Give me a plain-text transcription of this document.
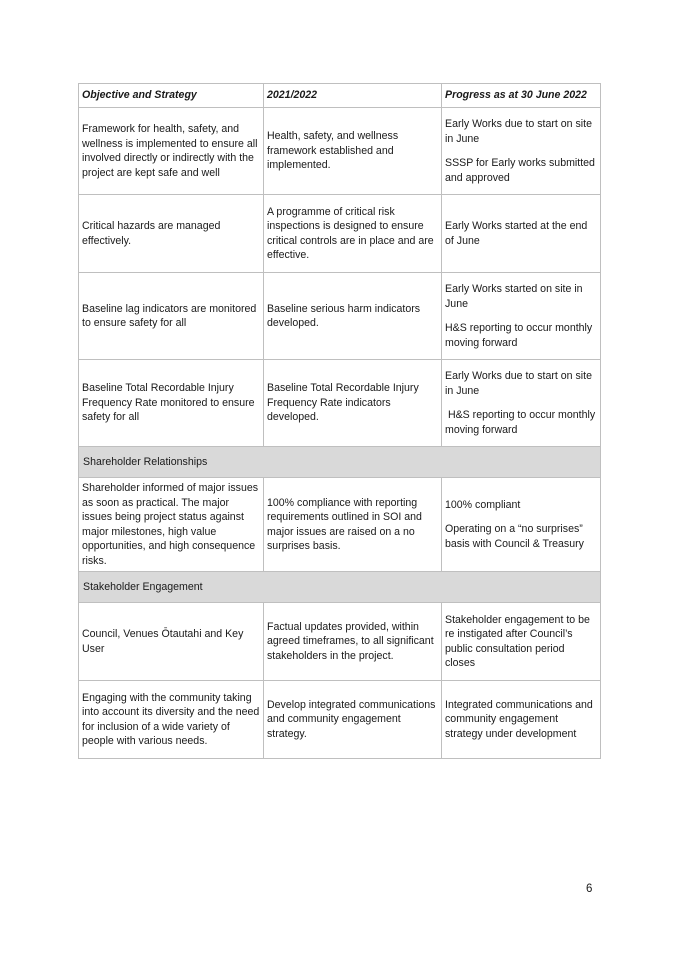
Objective and Strategy	2021/2022	Progress as at 30 June 2022
Framework for health, safety, and wellness is implemented to ensure all involved directly or indirectly with the project are kept safe and well	Health, safety, and wellness framework established and implemented.	Early Works due to start on site in June
SSSP for Early works submitted and approved

Critical hazards are managed effectively.	A programme of critical risk inspections is designed to ensure critical controls are in place and are effective.	Early Works started at the end of June

Baseline lag indicators are monitored to ensure safety for all	Baseline serious harm indicators developed.	Early Works started on site in June
H&S reporting to occur monthly moving forward

Baseline Total Recordable Injury Frequency Rate monitored to ensure safety for all	Baseline Total Recordable Injury Frequency Rate indicators developed.	Early Works due to start on site in June
H&S reporting to occur monthly moving forward

Shareholder Relationships		
Shareholder informed of major issues as soon as practical. The major issues being project status against major milestones, high value opportunities, and high consequence risks.	100% compliance with reporting requirements outlined in SOI and major issues are raised on a no surprises basis.	100% compliant
Operating on a “no surprises” basis with Council & Treasury

Stakeholder Engagement		
Council, Venues Ōtautahi and Key User	Factual updates provided, within agreed timeframes, to all significant stakeholders in the project.	Stakeholder engagement to be re instigated after Council’s public consultation period closes

Engaging with the community taking into account its diversity and the need for inclusion of a wide variety of people with various needs.	Develop integrated communications and community engagement strategy.	Integrated communications and community engagement strategy under development
6
